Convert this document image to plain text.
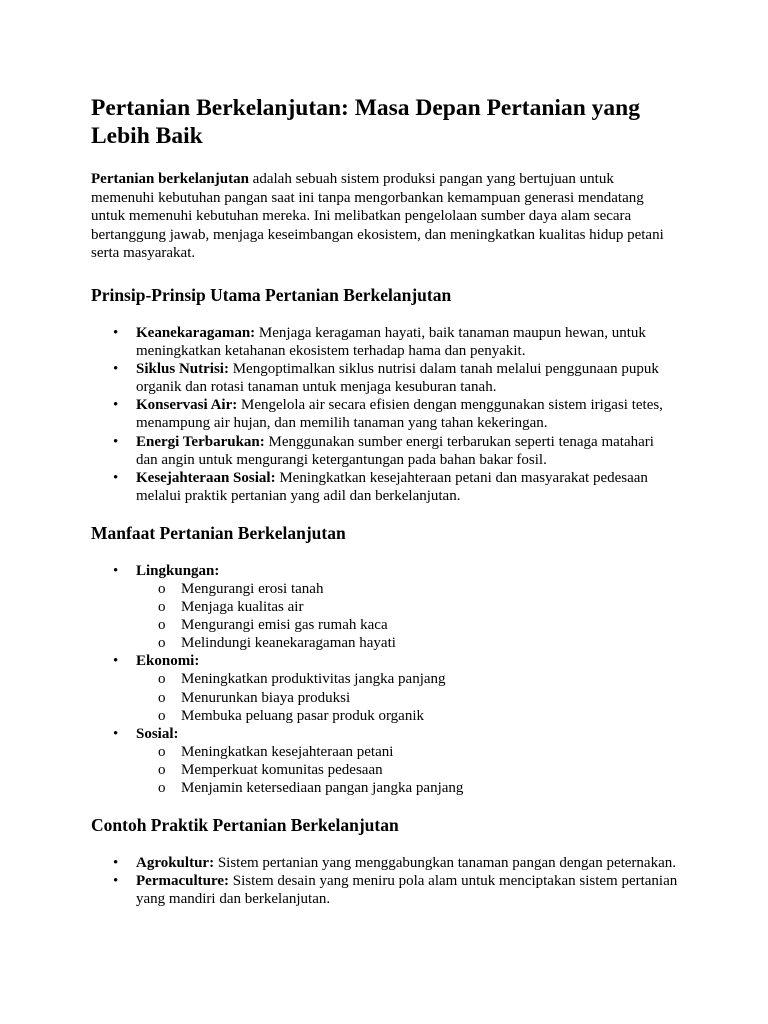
Pertanian Berkelanjutan: Masa Depan Pertanian yang Lebih Baik

Pertanian berkelanjutan adalah sebuah sistem produksi pangan yang bertujuan untuk memenuhi kebutuhan pangan saat ini tanpa mengorbankan kemampuan generasi mendatang untuk memenuhi kebutuhan mereka. Ini melibatkan pengelolaan sumber daya alam secara bertanggung jawab, menjaga keseimbangan ekosistem, dan meningkatkan kualitas hidup petani serta masyarakat.

Prinsip-Prinsip Utama Pertanian Berkelanjutan
• Keanekaragaman: Menjaga keragaman hayati, baik tanaman maupun hewan, untuk meningkatkan ketahanan ekosistem terhadap hama dan penyakit.
• Siklus Nutrisi: Mengoptimalkan siklus nutrisi dalam tanah melalui penggunaan pupuk organik dan rotasi tanaman untuk menjaga kesuburan tanah.
• Konservasi Air: Mengelola air secara efisien dengan menggunakan sistem irigasi tetes, menampung air hujan, dan memilih tanaman yang tahan kekeringan.
• Energi Terbarukan: Menggunakan sumber energi terbarukan seperti tenaga matahari dan angin untuk mengurangi ketergantungan pada bahan bakar fosil.
• Kesejahteraan Sosial: Meningkatkan kesejahteraan petani dan masyarakat pedesaan melalui praktik pertanian yang adil dan berkelanjutan.
Manfaat Pertanian Berkelanjutan
• Lingkungan:
o Mengurangi erosi tanah
o Menjaga kualitas air
o Mengurangi emisi gas rumah kaca
o Melindungi keanekaragaman hayati
• Ekonomi:
o Meningkatkan produktivitas jangka panjang
o Menurunkan biaya produksi
o Membuka peluang pasar produk organik
• Sosial:
o Meningkatkan kesejahteraan petani
o Memperkuat komunitas pedesaan
o Menjamin ketersediaan pangan jangka panjang
Contoh Praktik Pertanian Berkelanjutan
• Agrokultur: Sistem pertanian yang menggabungkan tanaman pangan dengan peternakan.
• Permaculture: Sistem desain yang meniru pola alam untuk menciptakan sistem pertanian yang mandiri dan berkelanjutan.
